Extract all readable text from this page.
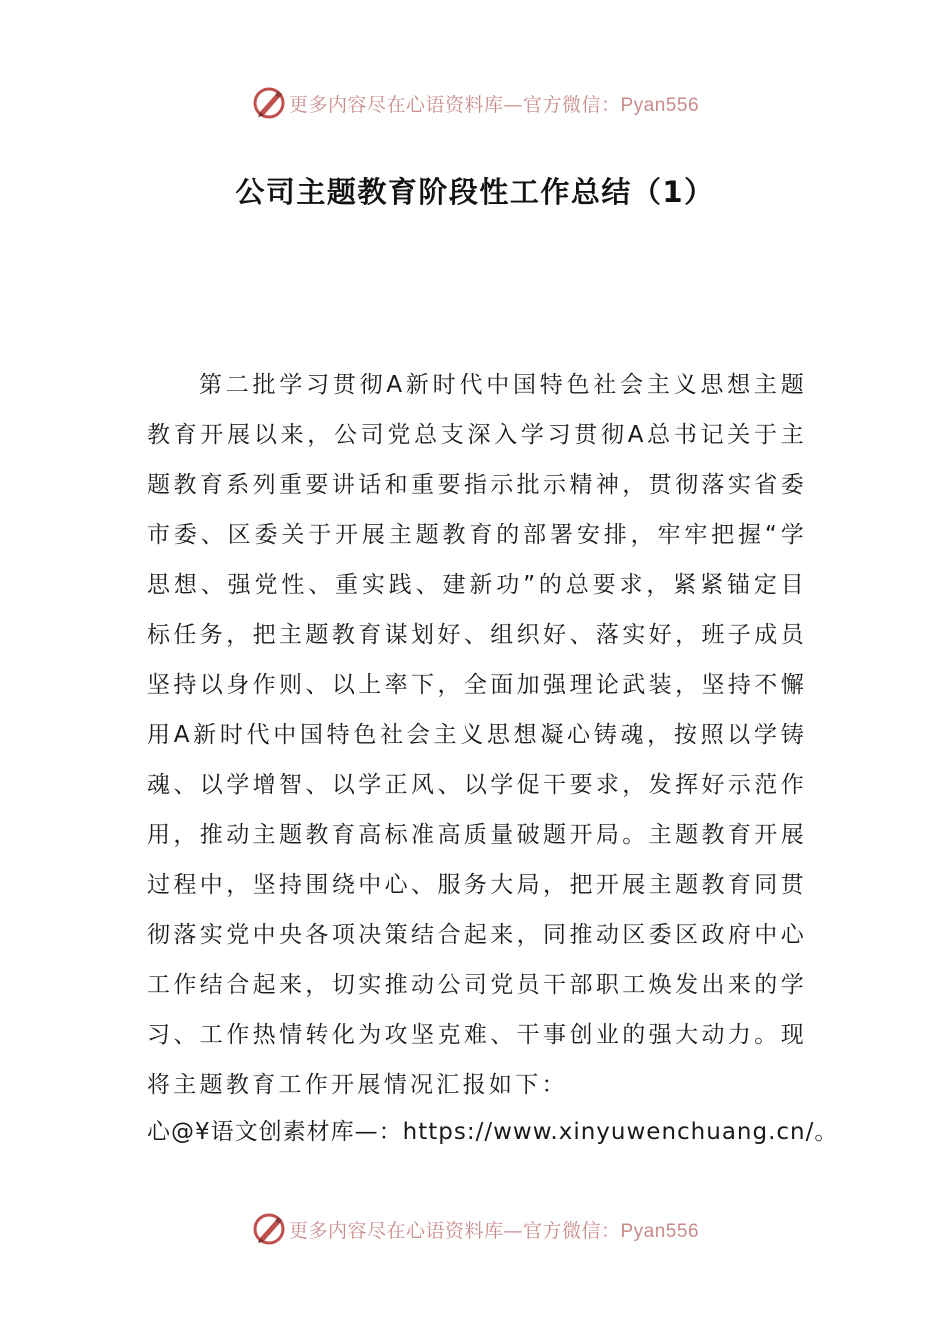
更多内容尽在心语资料库—官方微信：Pyan556
公司主题教育阶段性工作总结（1）

第二批学习贯彻A新时代中国特色社会主义思想主题教育开展以来，公司党总支深入学习贯彻A总书记关于主题教育系列重要讲话和重要指示批示精神，贯彻落实省委市委、区委关于开展主题教育的部署安排，牢牢把握“学思想、强党性、重实践、建新功”的总要求，紧紧锚定目标任务，把主题教育谋划好、组织好、落实好，班子成员坚持以身作则、以上率下，全面加强理论武装，坚持不懈用A新时代中国特色社会主义思想凝心铸魂，按照以学铸魂、以学增智、以学正风、以学促干要求，发挥好示范作用，推动主题教育高标准高质量破题开局。主题教育开展过程中，坚持围绕中心、服务大局，把开展主题教育同贯彻落实党中央各项决策结合起来，同推动区委区政府中心工作结合起来，切实推动公司党员干部职工焕发出来的学习、工作热情转化为攻坚克难、干事创业的强大动力。现将主题教育工作开展情况汇报如下：

心@¥语文创素材库—：https://www.xinyuwenchuang.cn/。

更多内容尽在心语资料库—官方微信：Pyan556
